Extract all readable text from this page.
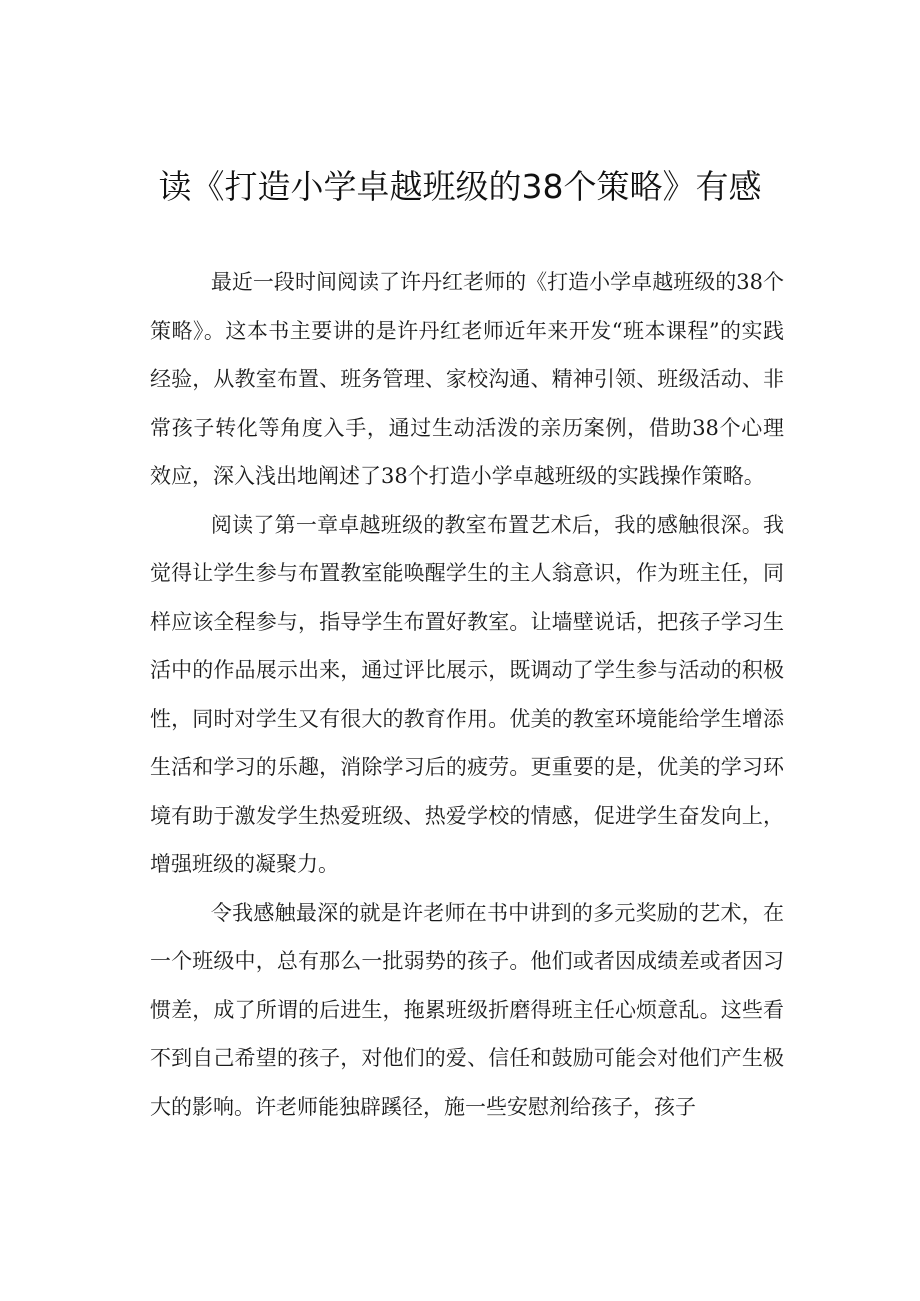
读《打造小学卓越班级的38个策略》有感

最近一段时间阅读了许丹红老师的《打造小学卓越班级的38个策略》。这本书主要讲的是许丹红老师近年来开发“班本课程”的实践经验，从教室布置、班务管理、家校沟通、精神引领、班级活动、非常孩子转化等角度入手，通过生动活泼的亲历案例，借助38个心理效应，深入浅出地阐述了38个打造小学卓越班级的实践操作策略。

阅读了第一章卓越班级的教室布置艺术后，我的感触很深。我觉得让学生参与布置教室能唤醒学生的主人翁意识，作为班主任，同样应该全程参与，指导学生布置好教室。让墙壁说话，把孩子学习生活中的作品展示出来，通过评比展示，既调动了学生参与活动的积极性，同时对学生又有很大的教育作用。优美的教室环境能给学生增添生活和学习的乐趣，消除学习后的疲劳。更重要的是，优美的学习环境有助于激发学生热爱班级、热爱学校的情感，促进学生奋发向上，增强班级的凝聚力。

令我感触最深的就是许老师在书中讲到的多元奖励的艺术，在一个班级中，总有那么一批弱势的孩子。他们或者因成绩差或者因习惯差，成了所谓的后进生，拖累班级折磨得班主任心烦意乱。这些看不到自己希望的孩子，对他们的爱、信任和鼓励可能会对他们产生极大的影响。许老师能独辟蹊径，施一些安慰剂给孩子，孩子
